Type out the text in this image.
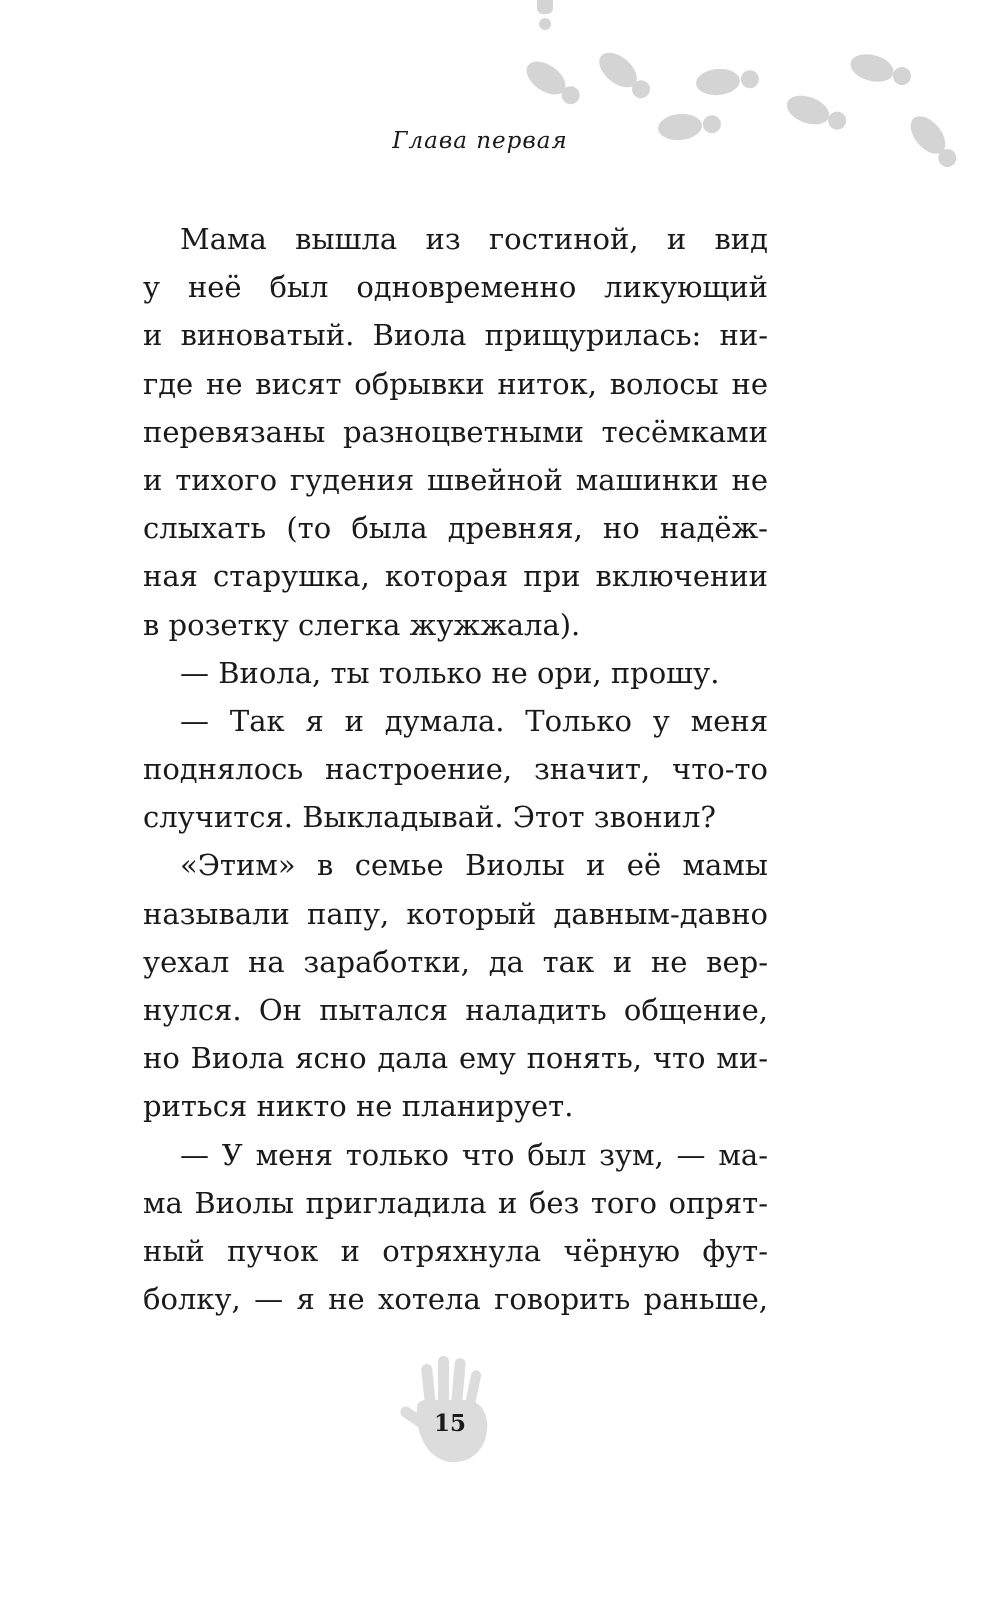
Глава первая
Мама вышла из гостиной, и вид
у неё был одновременно ликующий
и виноватый. Виола прищурилась: ни-
где не висят обрывки ниток, волосы не
перевязаны разноцветными тесёмками
и тихого гудения швейной машинки не
слыхать (то была древняя, но надёж-
ная старушка, которая при включении
в розетку слегка жужжала).
— Виола, ты только не ори, прошу.
— Так я и думала. Только у меня
поднялось настроение, значит, что-то
случится. Выкладывай. Этот звонил?
«Этим» в семье Виолы и её мамы
называли папу, который давным-давно
уехал на заработки, да так и не вер-
нулся. Он пытался наладить общение,
но Виола ясно дала ему понять, что ми-
риться никто не планирует.
— У меня только что был зум, — ма-
ма Виолы пригладила и без того опрят-
ный пучок и отряхнула чёрную фут-
болку, — я не хотела говорить раньше,
15
